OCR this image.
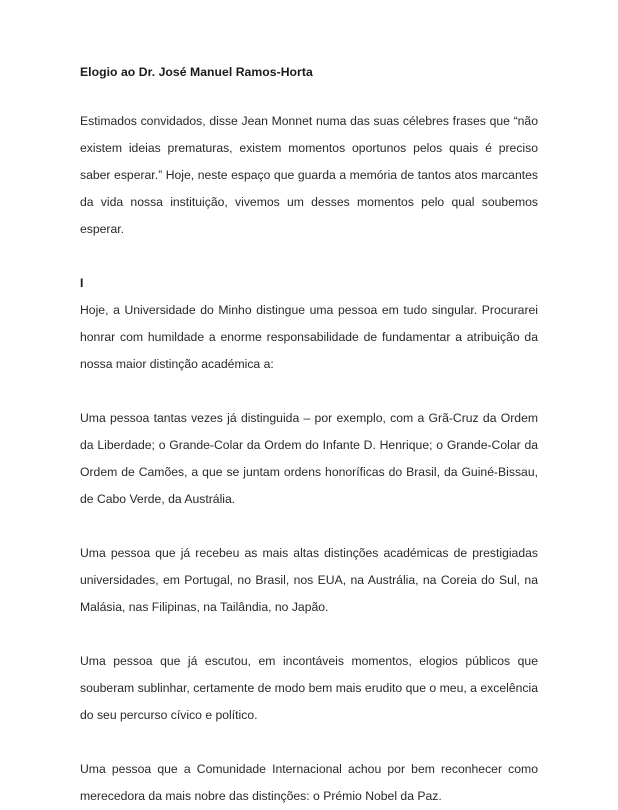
Elogio ao Dr. José Manuel Ramos-Horta

Estimados convidados, disse Jean Monnet numa das suas célebres frases que “não existem ideias prematuras, existem momentos oportunos pelos quais é preciso saber esperar.” Hoje, neste espaço que guarda a memória de tantos atos marcantes da vida nossa instituição, vivemos um desses momentos pelo qual soubemos esperar.

I

Hoje, a Universidade do Minho distingue uma pessoa em tudo singular. Procurarei honrar com humildade a enorme responsabilidade de fundamentar a atribuição da nossa maior distinção académica a:

Uma pessoa tantas vezes já distinguida – por exemplo, com a Grã-Cruz da Ordem da Liberdade; o Grande-Colar da Ordem do Infante D. Henrique; o Grande-Colar da Ordem de Camões, a que se juntam ordens honoríficas do Brasil, da Guiné-Bissau, de Cabo Verde, da Austrália.

Uma pessoa que já recebeu as mais altas distinções académicas de prestigiadas universidades, em Portugal, no Brasil, nos EUA, na Austrália, na Coreia do Sul, na Malásia, nas Filipinas, na Tailândia, no Japão.

Uma pessoa que já escutou, em incontáveis momentos, elogios públicos que souberam sublinhar, certamente de modo bem mais erudito que o meu, a excelência do seu percurso cívico e político.

Uma pessoa que a Comunidade Internacional achou por bem reconhecer como merecedora da mais nobre das distinções: o Prémio Nobel da Paz.
